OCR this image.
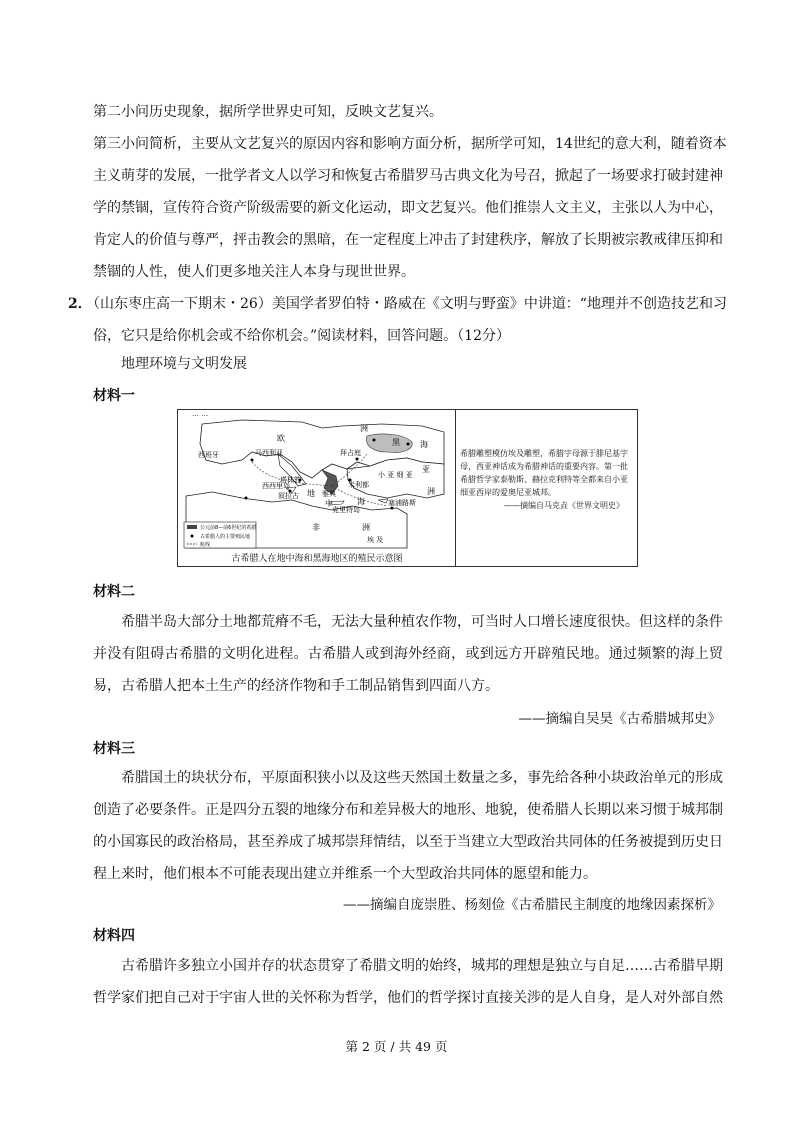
第二小问历史现象，据所学世界史可知，反映文艺复兴。

第三小问简析，主要从文艺复兴的原因内容和影响方面分析，据所学可知，14世纪的意大利，随着资本

主义萌芽的发展，一批学者文人以学习和恢复古希腊罗马古典文化为号召，掀起了一场要求打破封建神

学的禁锢，宣传符合资产阶级需要的新文化运动，即文艺复兴。他们推崇人文主义，主张以人为中心，

肯定人的价值与尊严，抨击教会的黑暗，在一定程度上冲击了封建秩序，解放了长期被宗教戒律压抑和

禁锢的人性，使人们更多地关注人本身与现世世界。

2．

（山东枣庄高一下期末・26）美国学者罗伯特・路威在《文明与野蛮》中讲道：“地理并不创造技艺和习

俗，它只是给你机会或不给你机会。”阅读材料，回答问题。（12分）

地理环境与文明发展

材料一

… …
欧
洲
西班牙
黑	海
马西利亚	拜占庭
小 亚 细 亚
米利都
雅典
西西里岛
叙拉古
克里特岛
塔林敦
地
中	海
亚
洲
非	洲
埃 及
塞浦路斯
公元前8—前6世纪的希腊
古希腊人的主要殖民地
航线
古希腊人在地中海和黑海地区的殖民示意图
希腊雕塑模仿埃及雕塑，希腊字母源于腓尼基字母，西亚神话成为希腊神话的重要内容。第一批希腊哲学家泰勒斯、赫拉克利特等全都来自小亚细亚西岸的爱奥尼亚城邦。
——摘编自马克垚《世界文明史》

材料二

希腊半岛大部分土地都荒瘠不毛，无法大量种植农作物，可当时人口增长速度很快。但这样的条件并没有阻碍古希腊的文明化进程。古希腊人或到海外经商，或到远方开辟殖民地。通过频繁的海上贸易，古希腊人把本土生产的经济作物和手工制品销售到四面八方。

——摘编自吴昊《古希腊城邦史》

材料三

希腊国土的块状分布，平原面积狭小以及这些天然国土数量之多，事先给各种小块政治单元的形成创造了必要条件。正是四分五裂的地缘分布和差异极大的地形、地貌，使希腊人长期以来习惯于城邦制的小国寡民的政治格局，甚至养成了城邦崇拜情结，以至于当建立大型政治共同体的任务被提到历史日程上来时，他们根本不可能表现出建立并维系一个大型政治共同体的愿望和能力。

——摘编自庞崇胜、杨刻俭《古希腊民主制度的地缘因素探析》

材料四

古希腊许多独立小国并存的状态贯穿了希腊文明的始终，城邦的理想是独立与自足……古希腊早期哲学家们把自己对于宇宙人世的关怀称为哲学，他们的哲学探讨直接关涉的是人自身，是人对外部自然

第 2 页 / 共 49 页
